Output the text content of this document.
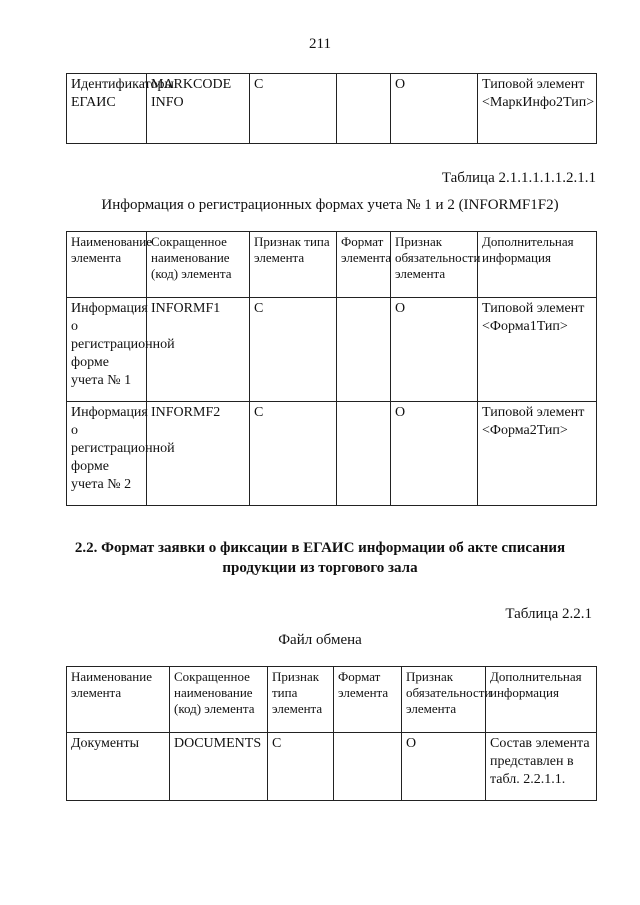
211
Идентификаторы ЕГАИС	MARKCODE INFO	С		О	Типовой элемент <МаркИнфо2Тип>
Таблица 2.1.1.1.1.1.2.1.1
Информация о регистрационных формах учета № 1 и 2 (INFORMF1F2)
Наименование элемента	Сокращенное наименование (код) элемента	Признак типа элемента	Формат элемента	Признак обязательности элемента	Дополнительная информация
Информация о регистрационной форме учета № 1	INFORMF1	С		О	Типовой элемент <Форма1Тип>
Информация о регистрационной форме учета № 2	INFORMF2	С		О	Типовой элемент <Форма2Тип>
2.2. Формат заявки о фиксации в ЕГАИС информации об акте списания
продукции из торгового зала
Таблица 2.2.1
Файл обмена
Наименование элемента	Сокращенное наименование (код) элемента	Признак типа элемента	Формат элемента	Признак обязательности элемента	Дополнительная информация
Документы	DOCUMENTS	С		О	Состав элемента представлен в табл. 2.2.1.1.
